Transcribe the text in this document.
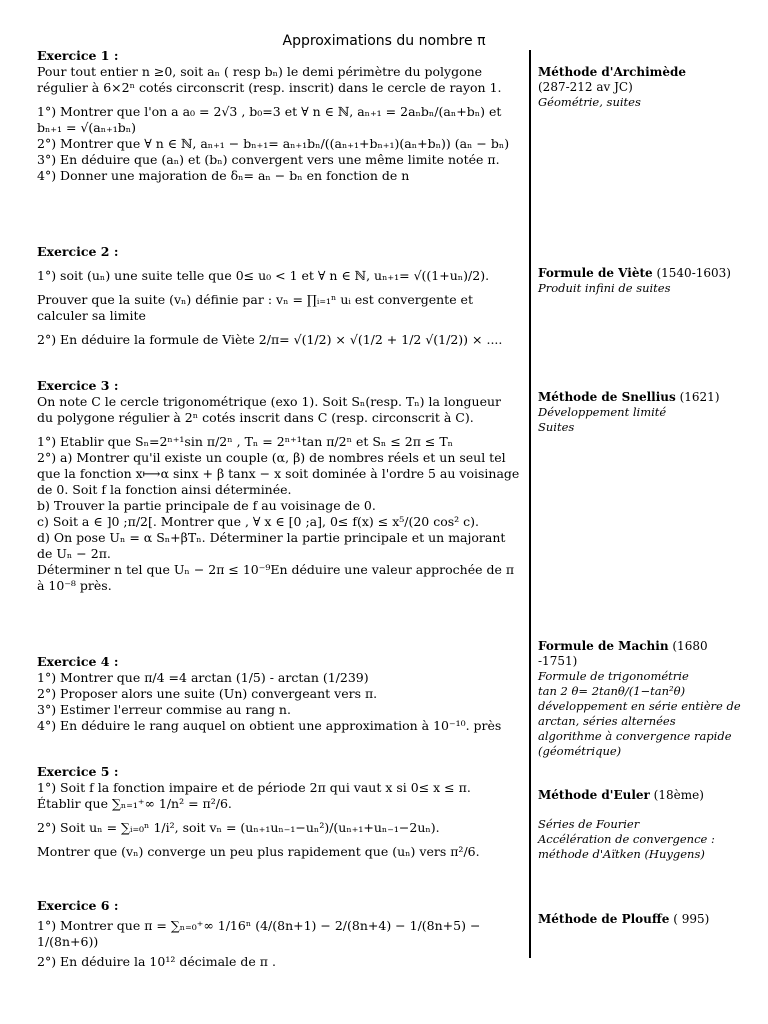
Approximations du nombre π

Exercice 1 :

Pour tout entier n ≥0, soit aₙ ( resp bₙ) le demi périmètre du polygone régulier à 6×2ⁿ cotés circonscrit (resp. inscrit) dans le cercle de rayon 1.

1°) Montrer que l'on a a₀ = 2√3 , b₀=3 et ∀ n ∈ ℕ, aₙ₊₁ = 2aₙbₙ/(aₙ+bₙ) et

bₙ₊₁ = √(aₙ₊₁bₙ)

2°) Montrer que ∀ n ∈ ℕ, aₙ₊₁ − bₙ₊₁= aₙ₊₁bₙ/((aₙ₊₁+bₙ₊₁)(aₙ+bₙ)) (aₙ − bₙ)

3°) En déduire que (aₙ) et (bₙ) convergent vers une même limite notée π.

4°) Donner une majoration de δₙ= aₙ − bₙ en fonction de n

Exercice 2 :

1°) soit (uₙ) une suite telle que 0≤ u₀ < 1 et ∀ n ∈ ℕ, uₙ₊₁= √((1+uₙ)/2).

Prouver que la suite (vₙ) définie par : vₙ = ∏ᵢ₌₁ⁿ uᵢ est convergente et calculer sa limite

2°) En déduire la formule de Viète 2/π= √(1/2) × √(1/2 + 1/2 √(1/2)) × ....

Exercice 3 :

On note C le cercle trigonométrique (exo 1). Soit Sₙ(resp. Tₙ) la longueur du polygone régulier à 2ⁿ cotés inscrit dans C (resp. circonscrit à C).

1°) Etablir que Sₙ=2ⁿ⁺¹sin π/2ⁿ , Tₙ = 2ⁿ⁺¹tan π/2ⁿ et Sₙ ≤ 2π ≤ Tₙ

2°) a) Montrer qu'il existe un couple (α, β) de nombres réels et un seul tel que la fonction x⟼α sinx + β tanx − x soit dominée à l'ordre 5 au voisinage de 0. Soit f la fonction ainsi déterminée.

b) Trouver la partie principale de f au voisinage de 0.

c) Soit a ∈ ]0 ;π/2[. Montrer que , ∀ x ∈ [0 ;a], 0≤ f(x) ≤ x⁵/(20 cos² c).

d) On pose Uₙ = α Sₙ+βTₙ. Déterminer la partie principale et un majorant de Uₙ − 2π.

Déterminer n tel que Uₙ − 2π ≤ 10⁻⁹En déduire une valeur approchée de π à 10⁻⁸ près.

Exercice 4 :

1°) Montrer que π/4 =4 arctan (1/5) - arctan (1/239)

2°) Proposer alors une suite (Un) convergeant vers π.

3°) Estimer l'erreur commise au rang n.

4°) En déduire le rang auquel on obtient une approximation à 10⁻¹⁰. près

Exercice 5 :

1°) Soit f la fonction impaire et de période 2π qui vaut x si 0≤ x ≤ π.

Établir que ∑ₙ₌₁⁺∞ 1/n² = π²/6.

2°) Soit uₙ = ∑ᵢ₌₀ⁿ 1/i², soit vₙ = (uₙ₊₁uₙ₋₁−uₙ²)/(uₙ₊₁+uₙ₋₁−2uₙ).

Montrer que (vₙ) converge un peu plus rapidement que (uₙ) vers π²/6.

Exercice 6 :

1°) Montrer que π = ∑ₙ₌₀⁺∞ 1/16ⁿ (4/(8n+1) − 2/(8n+4) − 1/(8n+5) − 1/(8n+6))

2°) En déduire la 10¹² décimale de π .

Méthode d'Archimède
(287-212 av JC)
Géométrie, suites
Formule de Viète (1540-1603)
Produit infini de suites
Méthode de Snellius (1621)
Développement limité
Suites
Formule de Machin (1680 -1751)
Formule de trigonométrie
tan 2 θ= 2tanθ/(1−tan²θ)
développement en série entière de arctan, séries alternées
algorithme à convergence rapide (géométrique)
Méthode d'Euler (18ème)
Séries de Fourier
Accélération de convergence : méthode d'Aïtken (Huygens)
Méthode de Plouffe ( 995)
